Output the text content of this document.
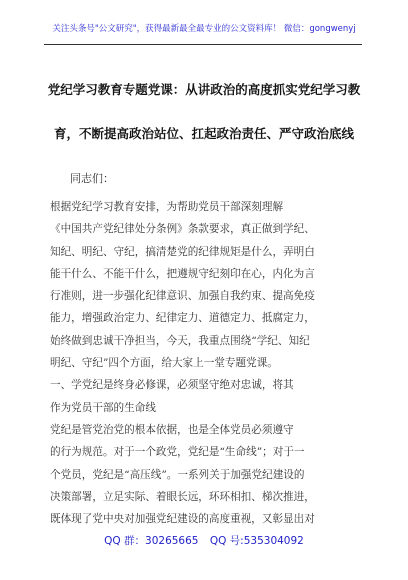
关注头条号"公文研究"，获得最新最全最专业的公文资料库！ 微信：gongwenyj
党纪学习教育专题党课：从讲政治的高度抓实党纪学习教
育，不断提高政治站位、扛起政治责任、严守政治底线
同志们：
根据党纪学习教育安排，为帮助党员干部深刻理解
《中国共产党纪律处分条例》条款要求，真正做到学纪、
知纪、明纪、守纪，搞清楚党的纪律规矩是什么，弄明白
能干什么、不能干什么，把遵规守纪刻印在心，内化为言
行准则，进一步强化纪律意识、加强自我约束、提高免疫
能力，增强政治定力、纪律定力、道德定力、抵腐定力，
始终做到忠诚干净担当，今天，我重点围绕“学纪、知纪
明纪、守纪”四个方面，给大家上一堂专题党课。
一、学党纪是终身必修课，必须坚守绝对忠诚，将其
作为党员干部的生命线
党纪是管党治党的根本依据，也是全体党员必须遵守
的行为规范。对于一个政党，党纪是“生命线”；对于一
个党员，党纪是“高压线”。一系列关于加强党纪建设的
决策部署，立足实际、着眼长远，环环相扣、梯次推进，
既体现了党中央对加强党纪建设的高度重视，又彰显出对
QQ 群：30265665 QQ 号:535304092
